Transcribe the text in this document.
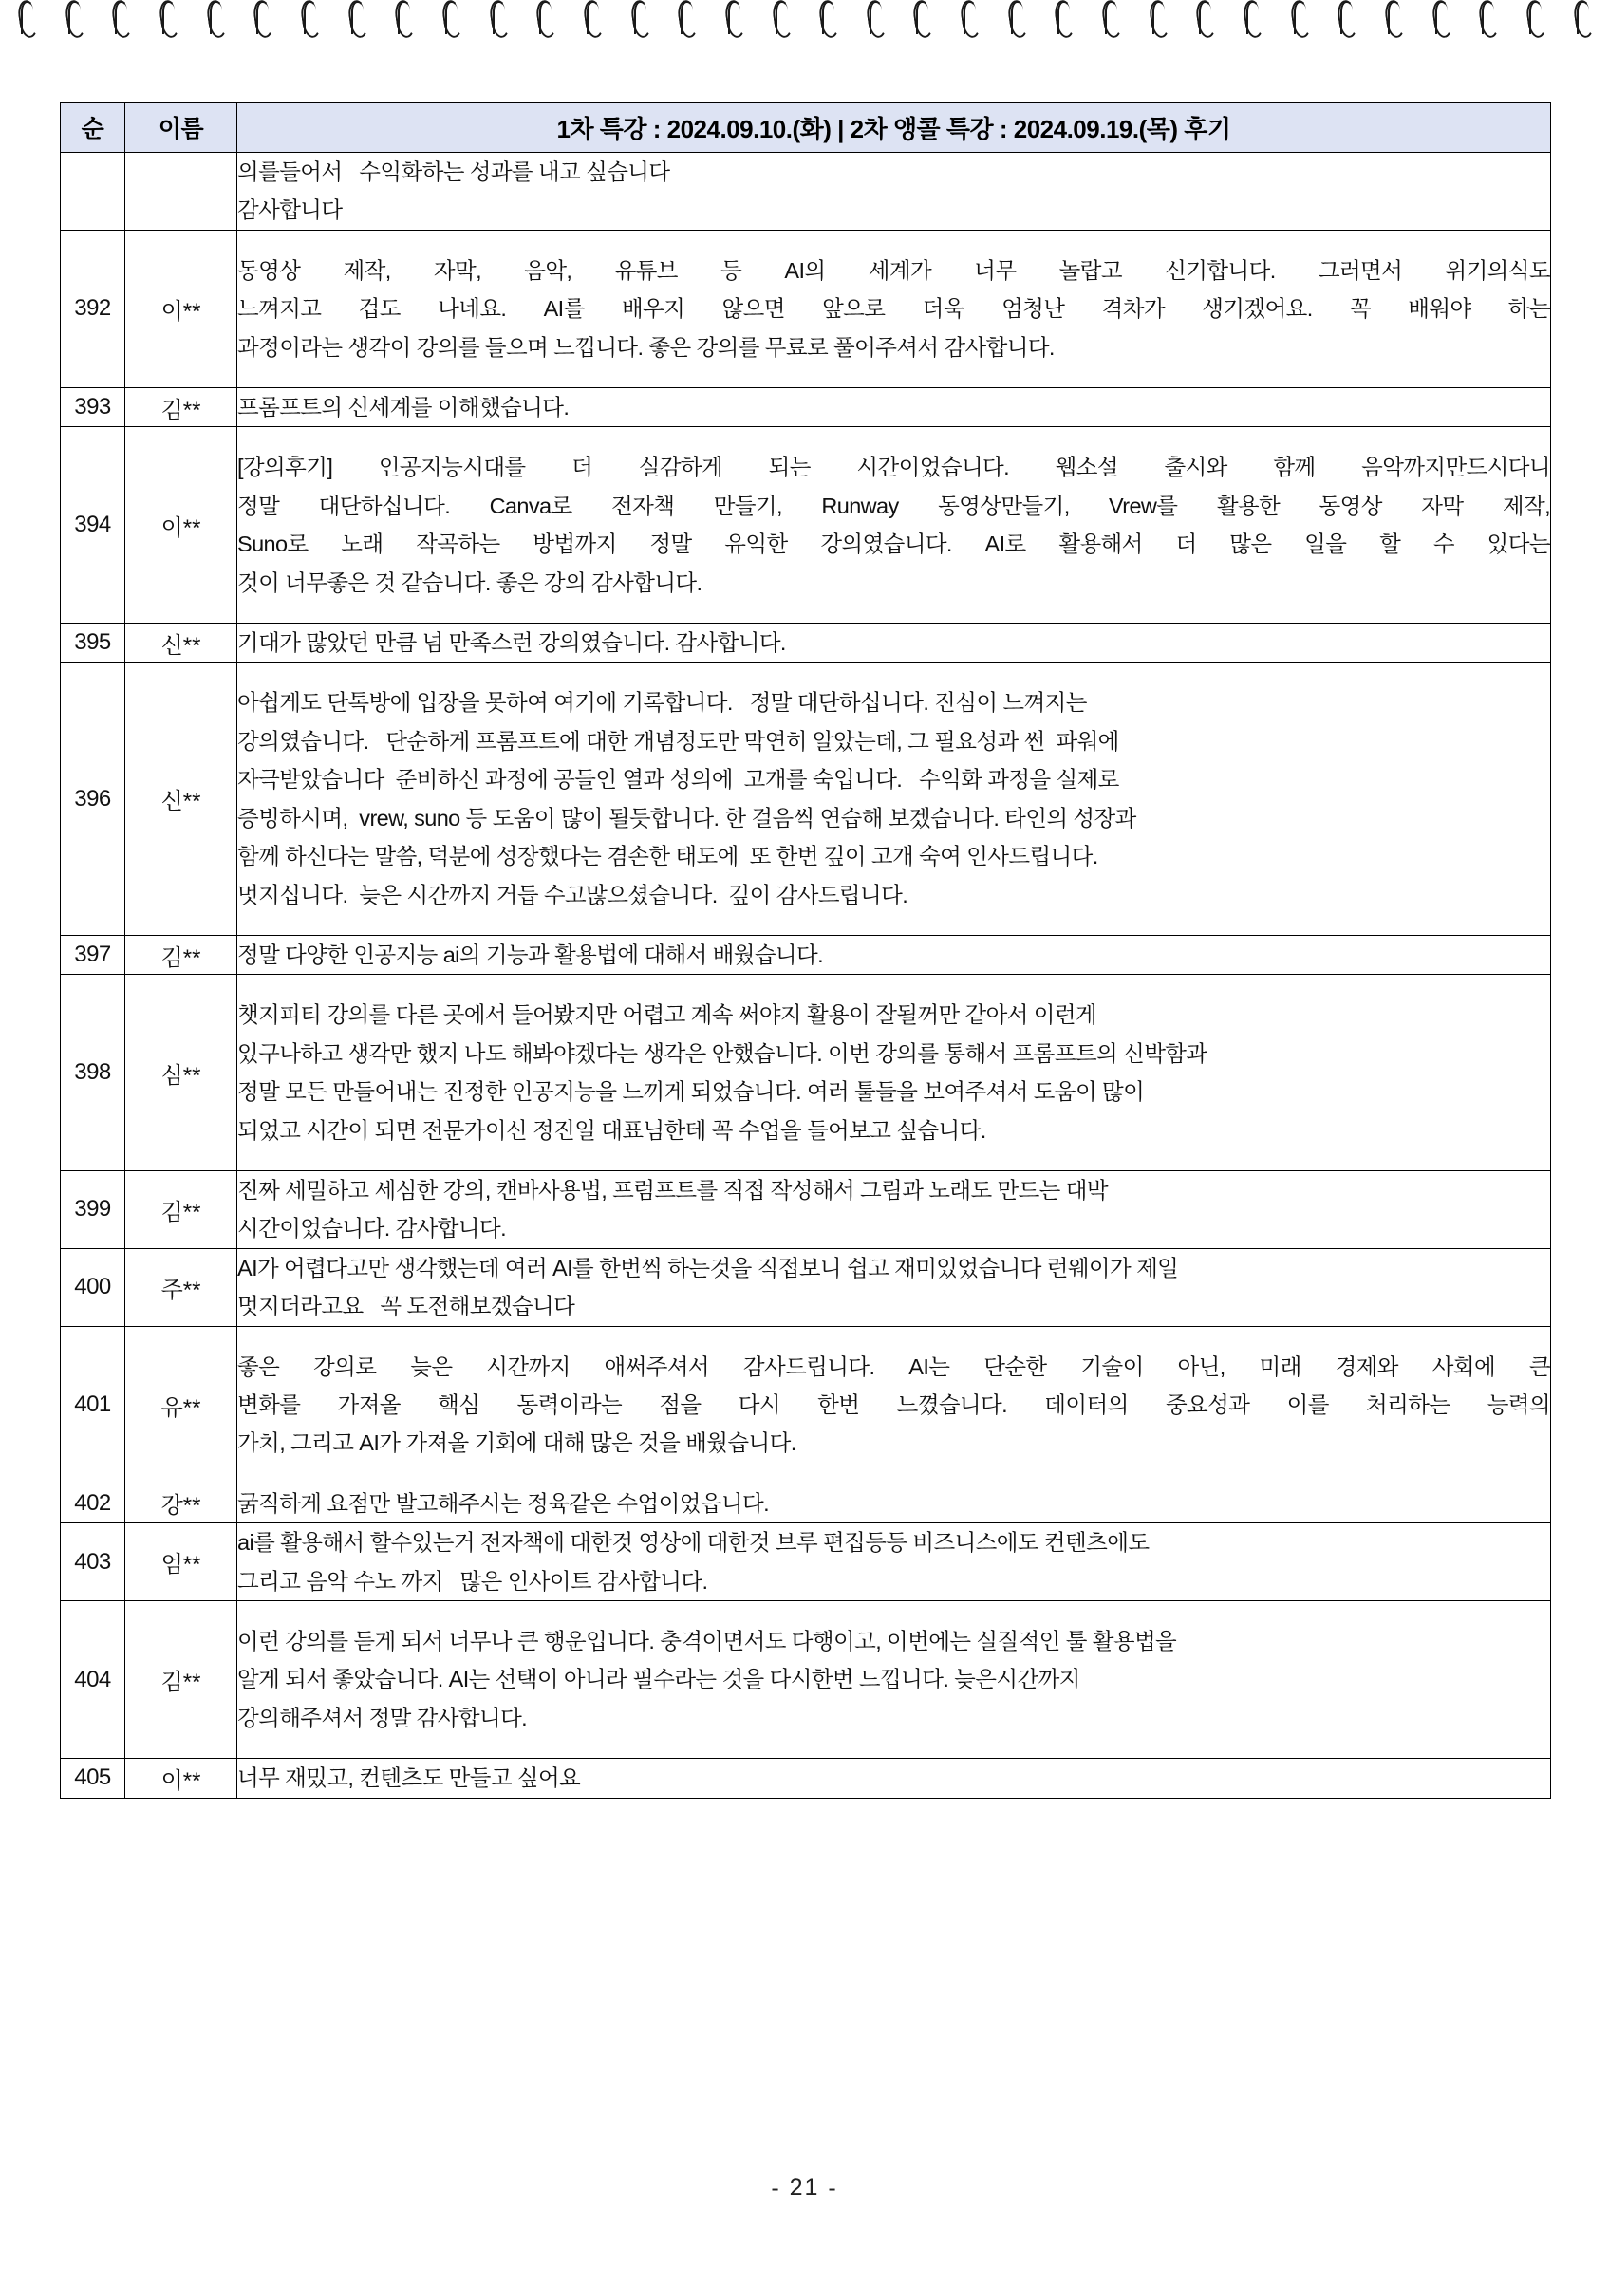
순	이름	1차 특강 : 2024.09.10.(화) | 2차 앵콜 특강 : 2024.09.19.(목) 후기

		의를들어서   수익화하는 성과를 내고 싶습니다
감사합니다

392	이**	동영상 제작, 자막, 음악, 유튜브 등 AI의 세계가 너무 놀랍고 신기합니다. 그러면서 위기의식도
느껴지고 겁도 나네요. AI를 배우지 않으면 앞으로 더욱 엄청난 격차가 생기겠어요. 꼭 배워야 하는
과정이라는 생각이 강의를 들으며 느낍니다. 좋은 강의를 무료로 풀어주셔서 감사합니다.

393	김**	프롬프트의 신세계를 이해했습니다.

394	이**	[강의후기] 인공지능시대를 더 실감하게 되는 시간이었습니다. 웹소설 출시와 함께 음악까지만드시다니
정말 대단하십니다. Canva로 전자책 만들기, Runway 동영상만들기, Vrew를 활용한 동영상 자막 제작,
Suno로 노래 작곡하는 방법까지 정말 유익한 강의였습니다. AI로 활용해서 더 많은 일을 할 수 있다는
것이 너무좋은 것 같습니다. 좋은 강의 감사합니다.

395	신**	기대가 많았던 만큼 넘 만족스런 강의였습니다. 감사합니다.

396	신**	
아쉽게도 단톡방에 입장을 못하여 여기에 기록합니다.   정말 대단하십니다. 진심이 느껴지는
강의였습니다.   단순하게 프롬프트에 대한 개념정도만 막연히 알았는데, 그 필요성과 썬  파워에
자극받았습니다  준비하신 과정에 공들인 열과 성의에  고개를 숙입니다.   수익화 과정을 실제로
증빙하시며,  vrew, suno 등 도움이 많이 될듯합니다. 한 걸음씩 연습해 보겠습니다. 타인의 성장과
함께 하신다는 말씀, 덕분에 성장했다는 겸손한 태도에  또 한번 깊이 고개 숙여 인사드립니다.
멋지십니다.  늦은 시간까지 거듭 수고많으셨습니다.  깊이 감사드립니다.

397	김**	정말 다양한 인공지능 ai의 기능과 활용법에 대해서 배웠습니다.

398	심**	챗지피티 강의를 다른 곳에서 들어봤지만 어렵고 계속 써야지 활용이 잘될꺼만 같아서 이런게
있구나하고 생각만 했지 나도 해봐야겠다는 생각은 안했습니다. 이번 강의를 통해서 프롬프트의 신박함과
정말 모든 만들어내는 진정한 인공지능을 느끼게 되었습니다. 여러 툴들을 보여주셔서 도움이 많이
되었고 시간이 되면 전문가이신 정진일 대표님한테 꼭 수업을 들어보고 싶습니다.

399	김**	진짜 세밀하고 세심한 강의, 캔바사용법, 프럼프트를 직접 작성해서 그림과 노래도 만드는 대박
시간이었습니다. 감사합니다.

400	주**	AI가 어렵다고만 생각했는데 여러 AI를 한번씩 하는것을 직접보니 쉽고 재미있었습니다 런웨이가 제일
멋지더라고요   꼭 도전해보겠습니다

401	유**	좋은 강의로 늦은 시간까지 애써주셔서 감사드립니다. AI는 단순한 기술이 아닌, 미래 경제와 사회에 큰
변화를 가져올 핵심 동력이라는 점을 다시 한번 느꼈습니다. 데이터의 중요성과 이를 처리하는 능력의
가치, 그리고 AI가 가져올 기회에 대해 많은 것을 배웠습니다.

402	강**	굵직하게 요점만 발고해주시는 정육같은 수업이었읍니다.

403	엄**	ai를 활용해서 할수있는거 전자책에 대한것 영상에 대한것 브루 편집등등 비즈니스에도 컨텐츠에도
그리고 음악 수노 까지   많은 인사이트 감사합니다.

404	김**	이런 강의를 듣게 되서 너무나 큰 행운입니다. 충격이면서도 다행이고, 이번에는 실질적인 툴 활용법을
알게 되서 좋았습니다. AI는 선택이 아니라 필수라는 것을 다시한번 느낍니다. 늦은시간까지
강의해주셔서 정말 감사합니다.

405	이**	너무 재밌고, 컨텐츠도 만들고 싶어요
- 21 -
